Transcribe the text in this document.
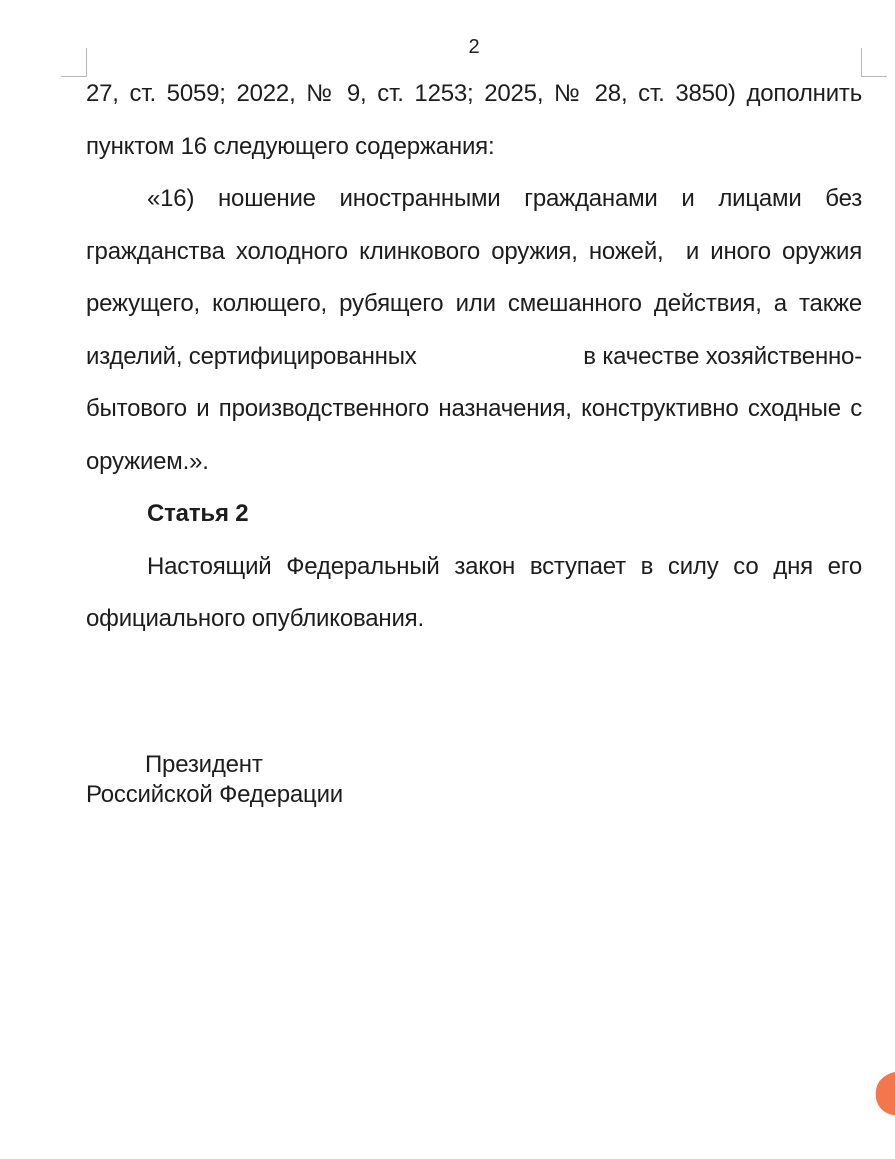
2
27, ст. 5059; 2022, № 9, ст. 1253; 2025, № 28, ст. 3850) дополнить
пунктом 16 следующего содержания:
«16) ношение иностранными гражданами и лицами без
гражданства холодного клинкового оружия, ножей,  и иного оружия
режущего, колющего, рубящего или смешанного действия, а также
изделий, сертифицированных	в качестве хозяйственно-
бытового и производственного назначения, конструктивно сходные с
оружием.».
Статья 2
Настоящий Федеральный закон вступает в силу со дня его
официального опубликования.
Президент
Российской Федерации
